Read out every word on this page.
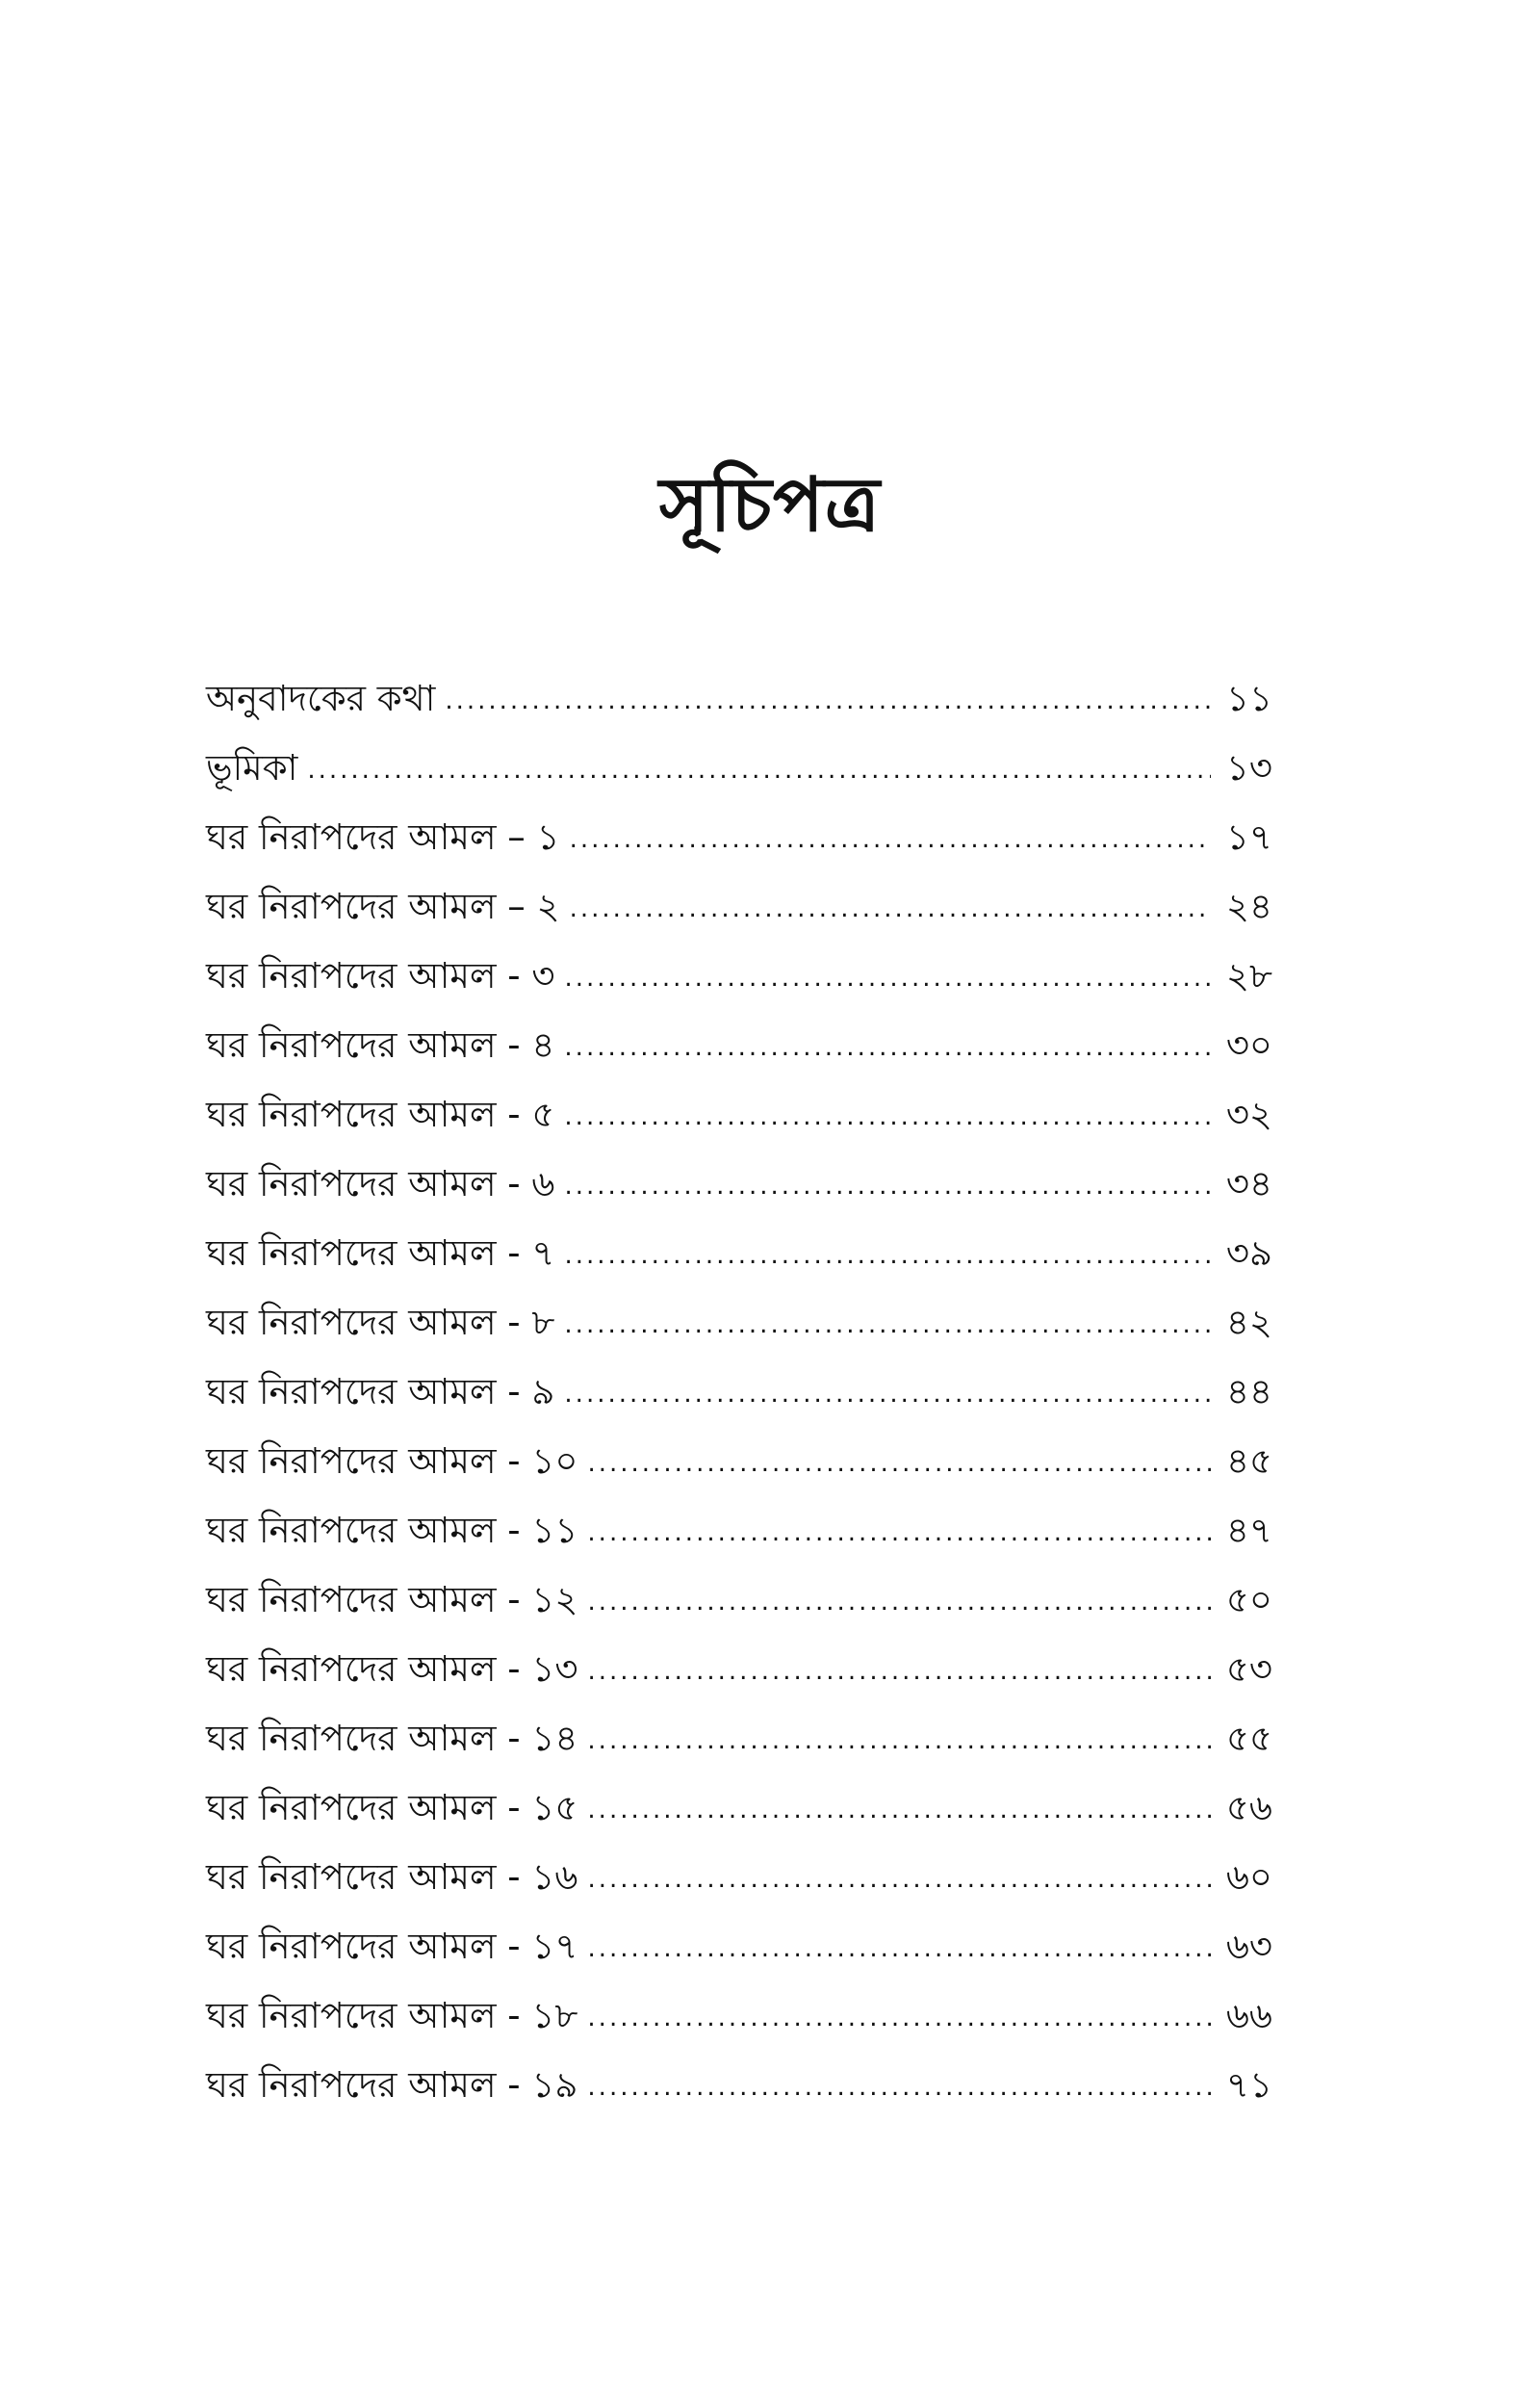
সূচিপত্র
অনুবাদকের কথা .....	১১
ভূমিকা .....	১৩
ঘর নিরাপদের আমল – ১ .....	১৭
ঘর নিরাপদের আমল – ২ .....	২৪
ঘর নিরাপদের আমল - ৩ .....	২৮
ঘর নিরাপদের আমল - ৪ .....	৩০
ঘর নিরাপদের আমল - ৫ .....	৩২
ঘর নিরাপদের আমল - ৬ .....	৩৪
ঘর নিরাপদের আমল - ৭ .....	৩৯
ঘর নিরাপদের আমল - ৮ .....	৪২
ঘর নিরাপদের আমল - ৯ .....	৪৪
ঘর নিরাপদের আমল - ১০ .....	৪৫
ঘর নিরাপদের আমল - ১১ .....	৪৭
ঘর নিরাপদের আমল - ১২ .....	৫০
ঘর নিরাপদের আমল - ১৩ .....	৫৩
ঘর নিরাপদের আমল - ১৪ .....	৫৫
ঘর নিরাপদের আমল - ১৫ .....	৫৬
ঘর নিরাপদের আমল - ১৬ .....	৬০
ঘর নিরাপদের আমল - ১৭ .....	৬৩
ঘর নিরাপদের আমল - ১৮ .....	৬৬
ঘর নিরাপদের আমল - ১৯ .....	৭১
